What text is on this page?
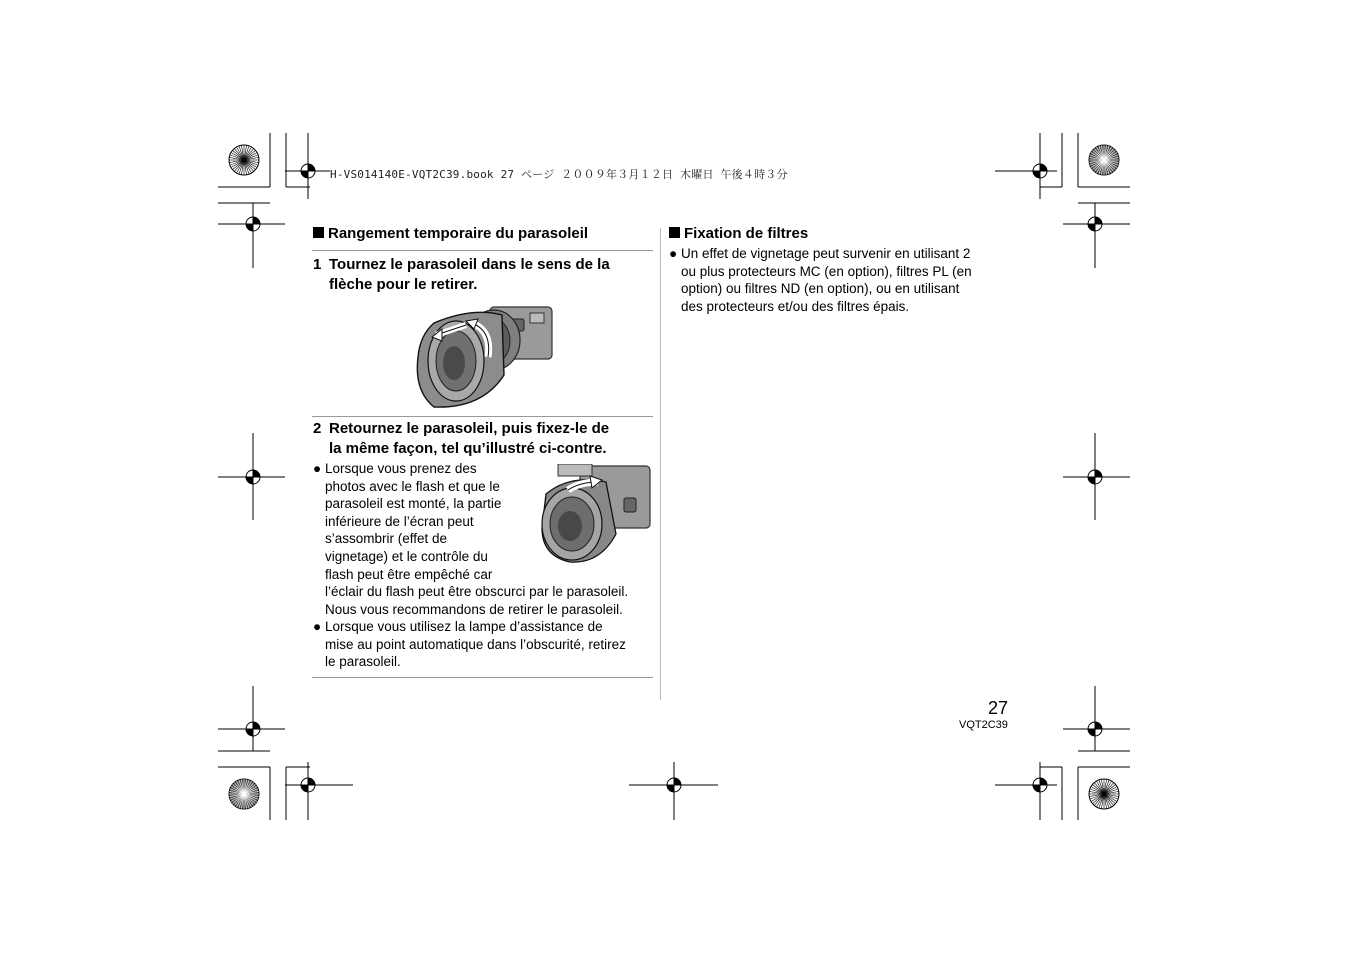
H-VS014140E-VQT2C39.book 27 ページ ２００９年３月１２日 木曜日 午後４時３分
Rangement temporaire du parasoleil
1 Tournez le parasoleil dans le sens de la
flèche pour le retirer.
2 Retournez le parasoleil, puis fixez-le de
la même façon, tel qu’illustré ci-contre.
● Lorsque vous prenez des
photos avec le flash et que le
parasoleil est monté, la partie
inférieure de l’écran peut
s’assombrir (effet de
vignetage) et le contrôle du
flash peut être empêché car
l’éclair du flash peut être obscurci par le parasoleil.
Nous vous recommandons de retirer le parasoleil.
● Lorsque vous utilisez la lampe d’assistance de
mise au point automatique dans l’obscurité, retirez
le parasoleil.
Fixation de filtres
● Un effet de vignetage peut survenir en utilisant 2
ou plus protecteurs MC (en option), filtres PL (en
option) ou filtres ND (en option), ou en utilisant
des protecteurs et/ou des filtres épais.
27
VQT2C39
